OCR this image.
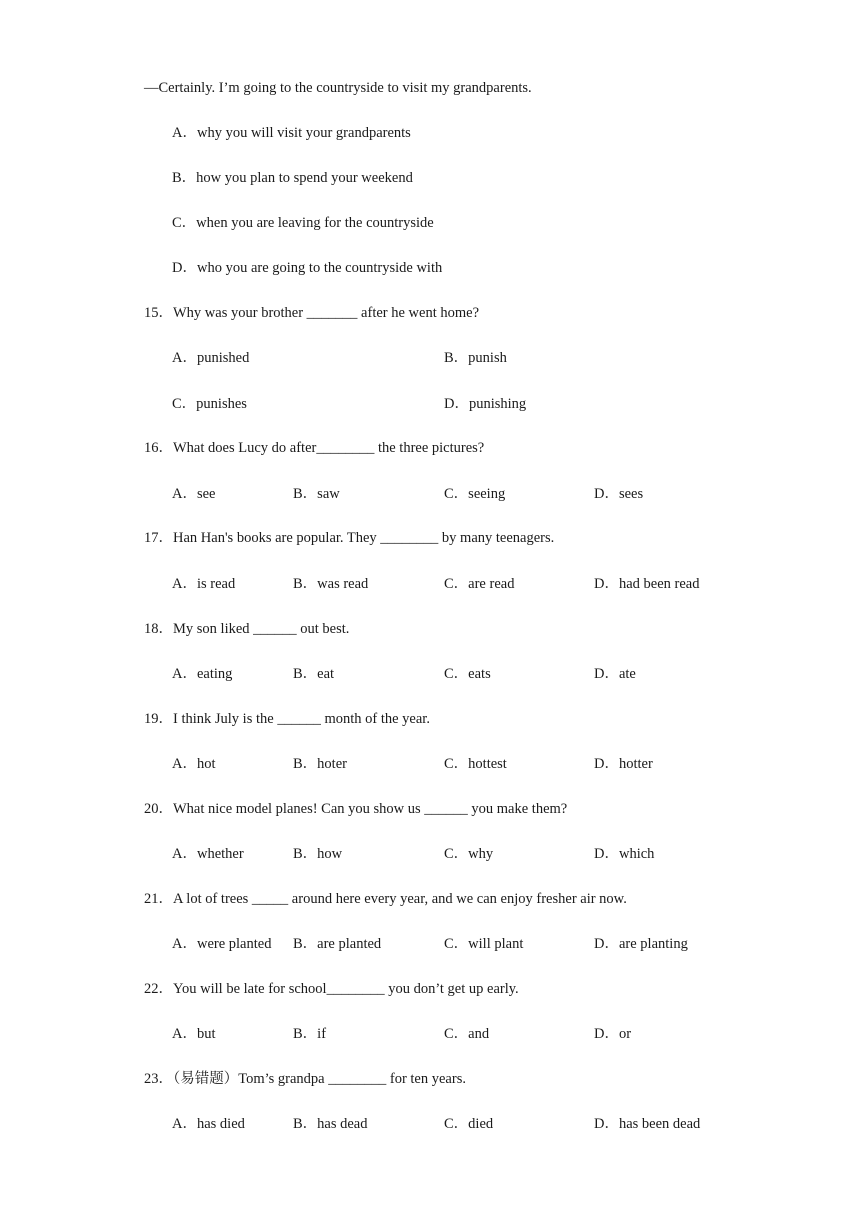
—Certainly. I’m going to the countryside to visit my grandparents.
A．why you will visit your grandparents
B．how you plan to spend your weekend
C．when you are leaving for the countryside
D．who you are going to the countryside with
15．Why was your brother _______ after he went home?
A．punished	B．punish
C．punishes	D．punishing
16．What does Lucy do after________ the three pictures?
A．see	B．saw	C．seeing	D．sees
17．Han Han's books are popular. They ________ by many teenagers.
A．is read	B．was read	C．are read	D．had been read
18．My son liked ______ out best.
A．eating	B．eat	C．eats	D．ate
19．I think July is the ______ month of the year.
A．hot	B．hoter	C．hottest	D．hotter
20．What nice model planes! Can you show us ______ you make them?
A．whether	B．how	C．why	D．which
21．A lot of trees _____ around here every year, and we can enjoy fresher air now.
A．were planted B．are planted	C．will plant	D．are planting
22．You will be late for school________ you don’t get up early.
A．but	B．if	C．and	D．or
23．（易错题）Tom’s grandpa ________ for ten years.
A．has died	B．has dead	C．died	D．has been dead
